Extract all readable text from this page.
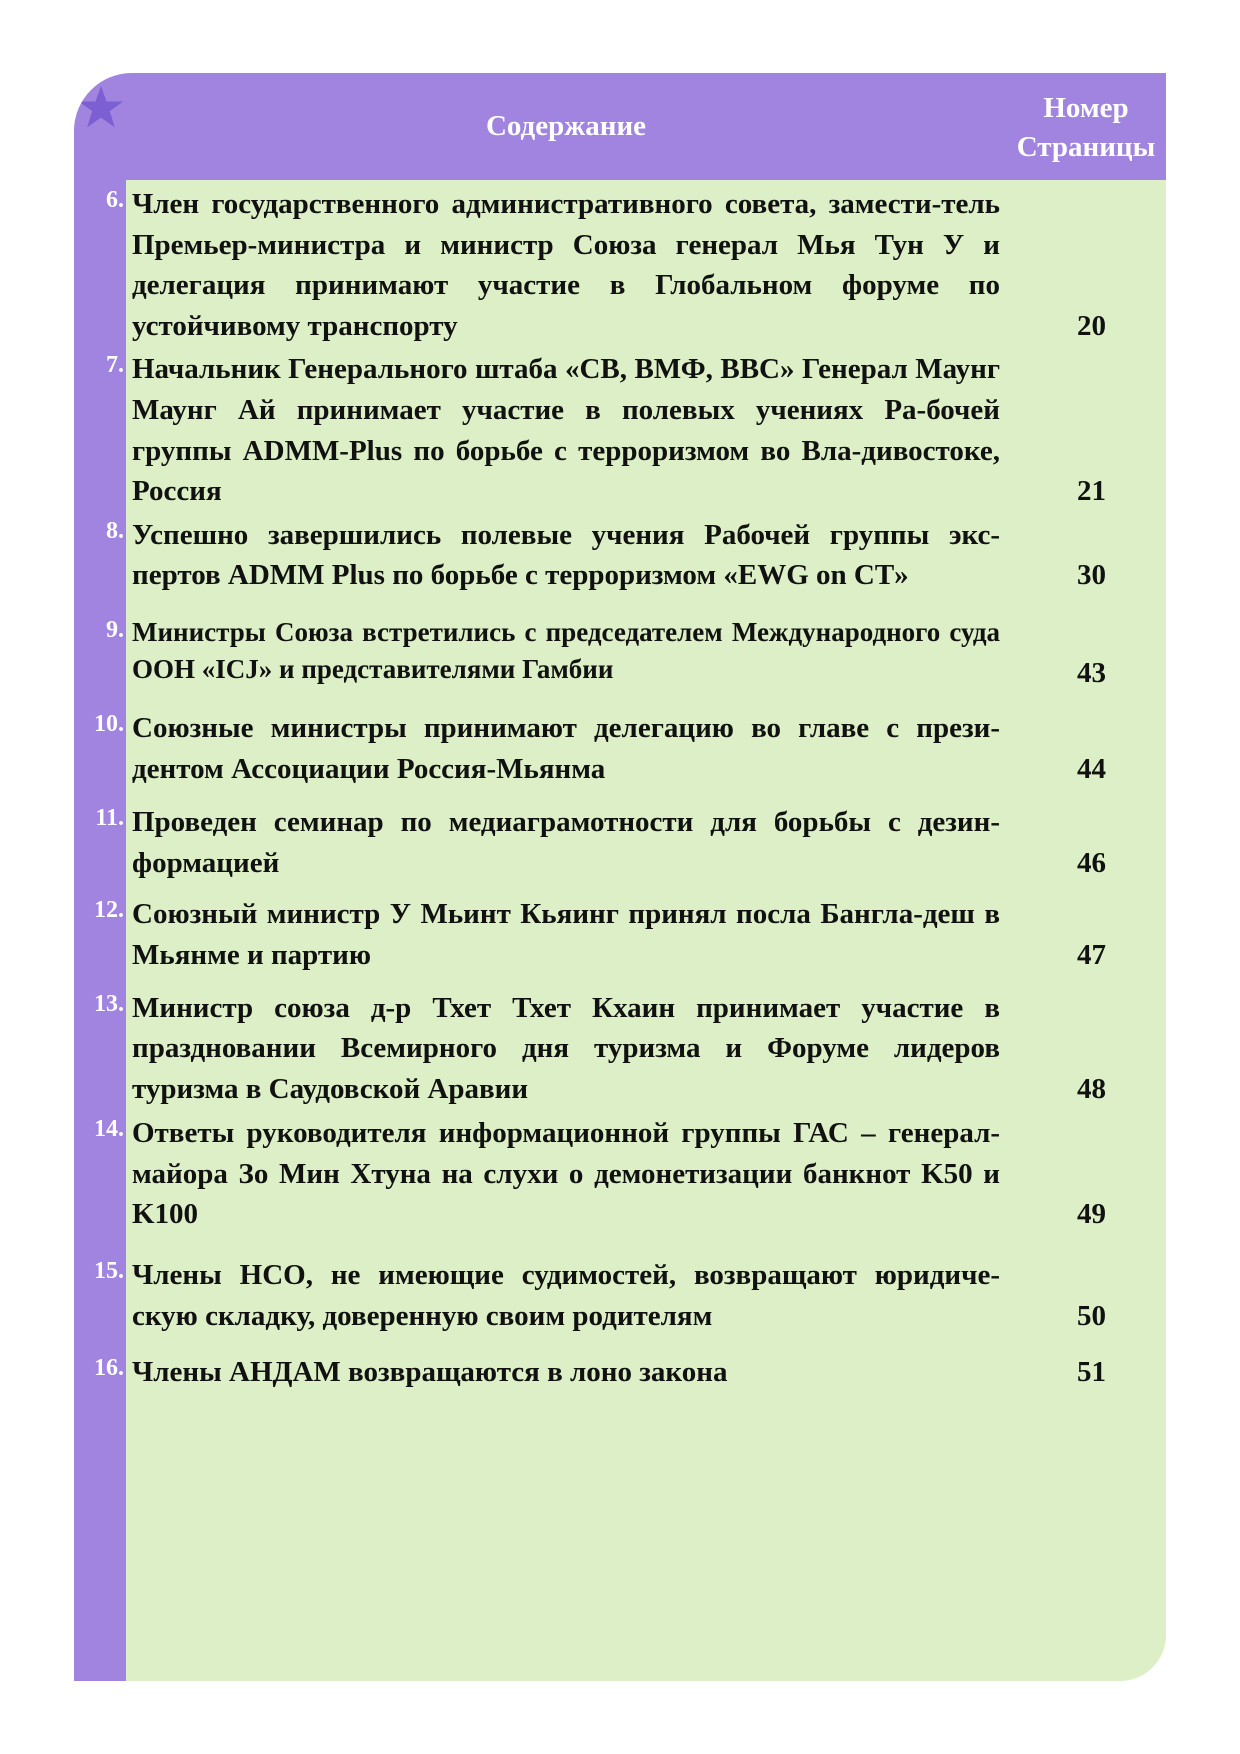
Содержание
Номер
Страницы
6. Член государственного административного совета, замести-тель Премьер-министра и министр Союза генерал Мья Тун У и делегация принимают участие в Глобальном форуме по устойчивому транспорту	20
7. Начальник Генерального штаба «СВ, ВМФ, ВВС» Генерал Маунг Маунг Ай принимает участие в полевых учениях Ра-бочей группы ADMM-Plus по борьбе с терроризмом во Вла-дивостоке, Россия	21
8. Успешно завершились полевые учения Рабочей группы экс-пертов ADMM Plus по борьбе с терроризмом «EWG on CT»	30
9. Министры Союза встретились с председателем Международного суда ООН «ICJ» и представителями Гамбии	43
10. Союзные министры принимают делегацию во главе с прези-дентом Ассоциации Россия-Мьянма	44
11. Проведен семинар по медиаграмотности для борьбы с дезин-формацией	46
12. Союзный министр У Мьинт Кьяинг принял посла Бангла-деш в Мьянме и партию	47
13. Министр союза д-р Тхет Тхет Кхаин принимает участие в праздновании Всемирного дня туризма и Форуме лидеров туризма в Саудовской Аравии	48
14. Ответы руководителя информационной группы ГАС – генерал-майора Зо Мин Хтуна на слухи о демонетизации банкнот K50 и K100	49
15. Члены НСО, не имеющие судимостей, возвращают юридиче-скую складку, доверенную своим родителям	50
16. Члены АНДАМ возвращаются в лоно закона	51
